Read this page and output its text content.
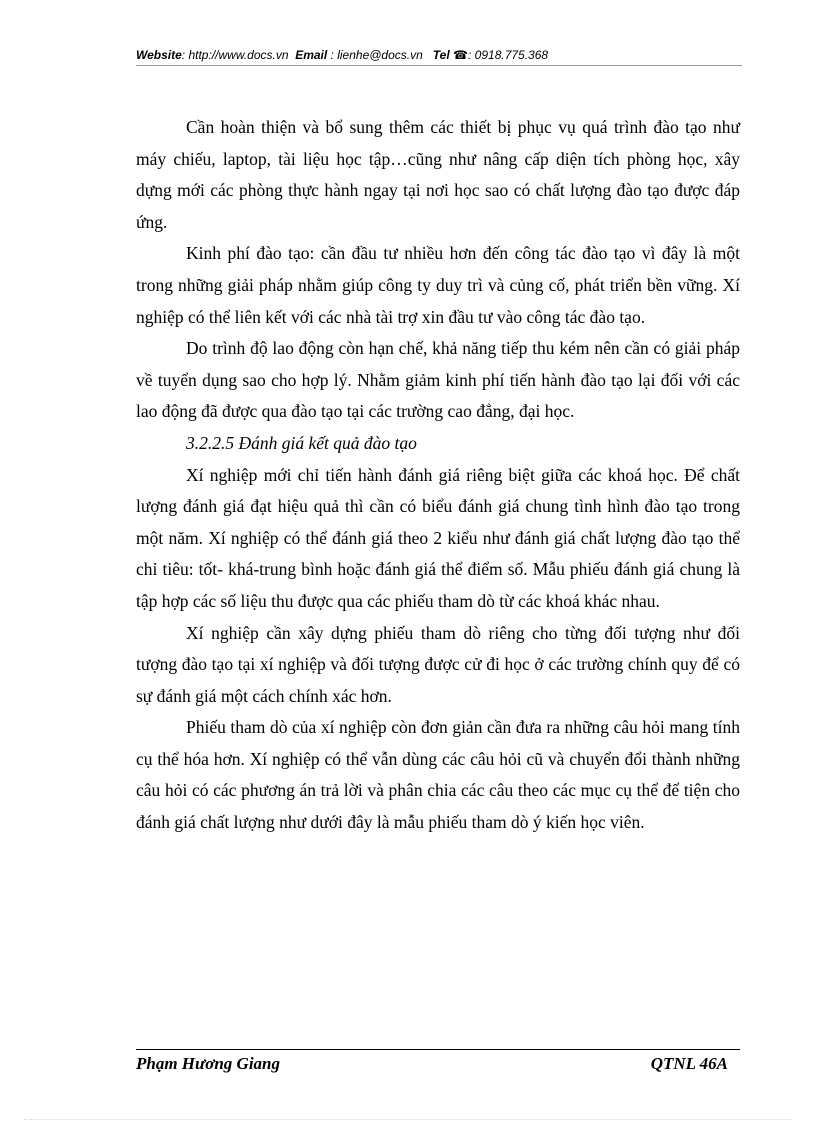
Website: http://www.docs.vn Email : lienhe@docs.vn Tel ☎: 0918.775.368

Cần hoàn thiện và bổ sung thêm các thiết bị phục vụ quá trình đào tạo như máy chiếu, laptop, tài liệu học tập…cũng như nâng cấp diện tích phòng học, xây dựng mới các phòng thực hành ngay tại nơi học sao có chất lượng đào tạo được đáp ứng.

Kinh phí đào tạo: cần đầu tư nhiều hơn đến công tác đào tạo vì đây là một trong những giải pháp nhằm giúp công ty duy trì và củng cố, phát triển bền vững. Xí nghiệp có thể liên kết với các nhà tài trợ xin đầu tư vào công tác đào tạo.

Do trình độ lao động còn hạn chế, khả năng tiếp thu kém nên cần có giải pháp về tuyển dụng sao cho hợp lý. Nhằm giảm kinh phí tiến hành đào tạo lại đối với các lao động đã được qua đào tạo tại các trường cao đẳng, đại học.

3.2.2.5 Đánh giá kết quả đào tạo

Xí nghiệp mới chỉ tiến hành đánh giá riêng biệt giữa các khoá học. Để chất lượng đánh giá đạt hiệu quả thì cần có biểu đánh giá chung tình hình đào tạo trong một năm. Xí nghiệp có thể đánh giá theo 2 kiểu như đánh giá chất lượng đào tạo thể chỉ tiêu: tốt- khá-trung bình hoặc đánh giá thể điểm số. Mẫu phiếu đánh giá chung là tập hợp các số liệu thu được qua các phiếu tham dò từ các khoá khác nhau.

Xí nghiệp cần xây dựng phiếu tham dò riêng cho từng đối tượng như đối tượng đào tạo tại xí nghiệp và đối tượng được cử đi học ở các trường chính quy để có sự đánh giá một cách chính xác hơn.

Phiếu tham dò của xí nghiệp còn đơn giản cần đưa ra những câu hỏi mang tính cụ thể hóa hơn. Xí nghiệp có thể vẫn dùng các câu hỏi cũ và chuyển đổi thành những câu hỏi có các phương án trả lời và phân chia các câu theo các mục cụ thể để tiện cho đánh giá chất lượng như dưới đây là mẫu phiếu tham dò ý kiến học viên.

Phạm Hương Giang	QTNL 46A
